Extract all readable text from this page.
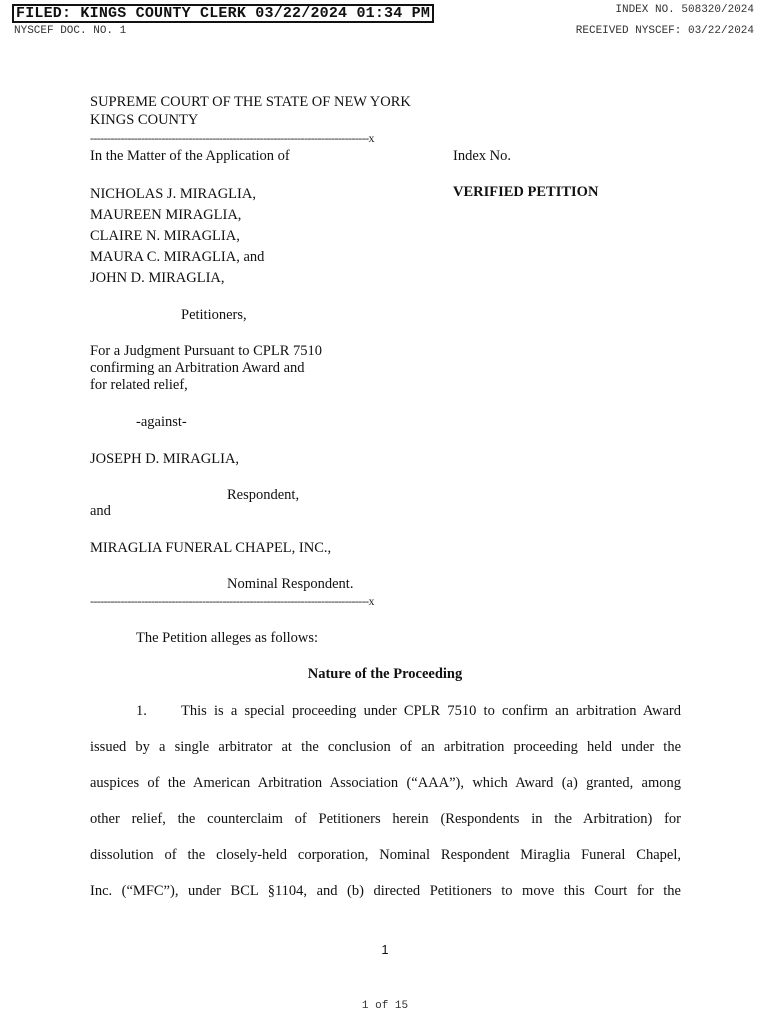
FILED: KINGS COUNTY CLERK 03/22/2024 01:34 PM	INDEX NO. 508320/2024
NYSCEF DOC. NO. 1	RECEIVED NYSCEF: 03/22/2024
SUPREME COURT OF THE STATE OF NEW YORK
KINGS COUNTY
----------------------------------------------------------------------------------x
In the Matter of the Application of	Index No.
VERIFIED PETITION
NICHOLAS J. MIRAGLIA,
MAUREEN MIRAGLIA,
CLAIRE N. MIRAGLIA,
MAURA C. MIRAGLIA, and
JOHN D. MIRAGLIA,
Petitioners,
For a Judgment Pursuant to CPLR 7510
confirming an Arbitration Award and
for related relief,
-against-
JOSEPH D. MIRAGLIA,
Respondent,
and
MIRAGLIA FUNERAL CHAPEL, INC.,
Nominal Respondent.
----------------------------------------------------------------------------------x
The Petition alleges as follows:
Nature of the Proceeding
1. This is a special proceeding under CPLR 7510 to confirm an arbitration Award
issued by a single arbitrator at the conclusion of an arbitration proceeding held under the
auspices of the American Arbitration Association (“AAA”), which Award (a) granted, among
other relief, the counterclaim of Petitioners herein (Respondents in the Arbitration) for
dissolution of the closely-held corporation, Nominal Respondent Miraglia Funeral Chapel,
Inc. (“MFC”), under BCL §1104, and (b) directed Petitioners to move this Court for the
1
1 of 15
